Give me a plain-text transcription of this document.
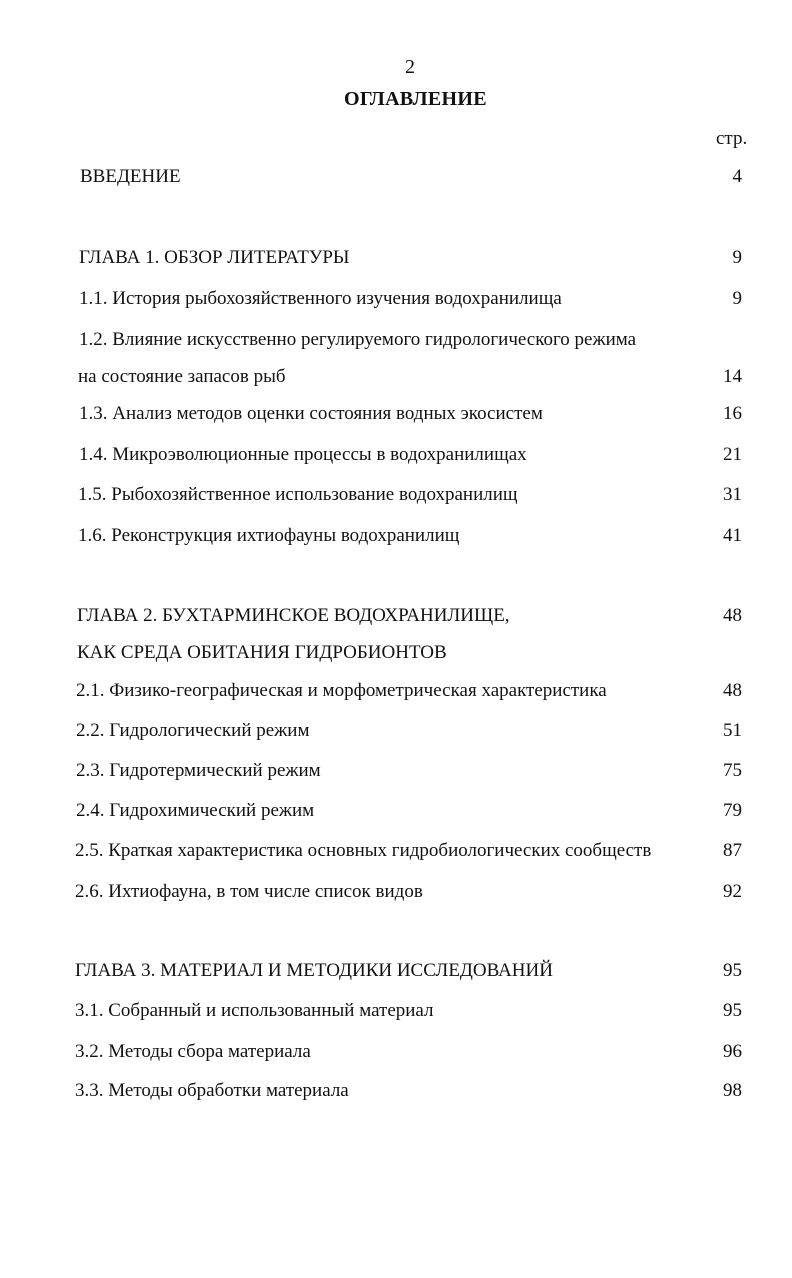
2
ОГЛАВЛЕНИЕ
стр.
ВВЕДЕНИЕ	4
ГЛАВА 1. ОБЗОР ЛИТЕРАТУРЫ	9
1.1. История рыбохозяйственного изучения водохранилища	9
1.2. Влияние искусственно регулируемого гидрологического режима
на состояние запасов рыб	14
1.3. Анализ методов оценки состояния водных экосистем	16
1.4. Микроэволюционные процессы в водохранилищах	21
1.5. Рыбохозяйственное использование водохранилищ	31
1.6. Реконструкция ихтиофауны водохранилищ	41
ГЛАВА 2. БУХТАРМИНСКОЕ ВОДОХРАНИЛИЩЕ,	48
КАК СРЕДА ОБИТАНИЯ ГИДРОБИОНТОВ
2.1. Физико-географическая и морфометрическая характеристика	48
2.2. Гидрологический режим	51
2.3. Гидротермический режим	75
2.4. Гидрохимический режим	79
2.5. Краткая характеристика основных гидробиологических сообществ	87
2.6. Ихтиофауна, в том числе список видов	92
ГЛАВА 3. МАТЕРИАЛ И МЕТОДИКИ ИССЛЕДОВАНИЙ	95
3.1. Собранный и использованный материал	95
3.2. Методы сбора материала	96
3.3. Методы обработки материала	98
